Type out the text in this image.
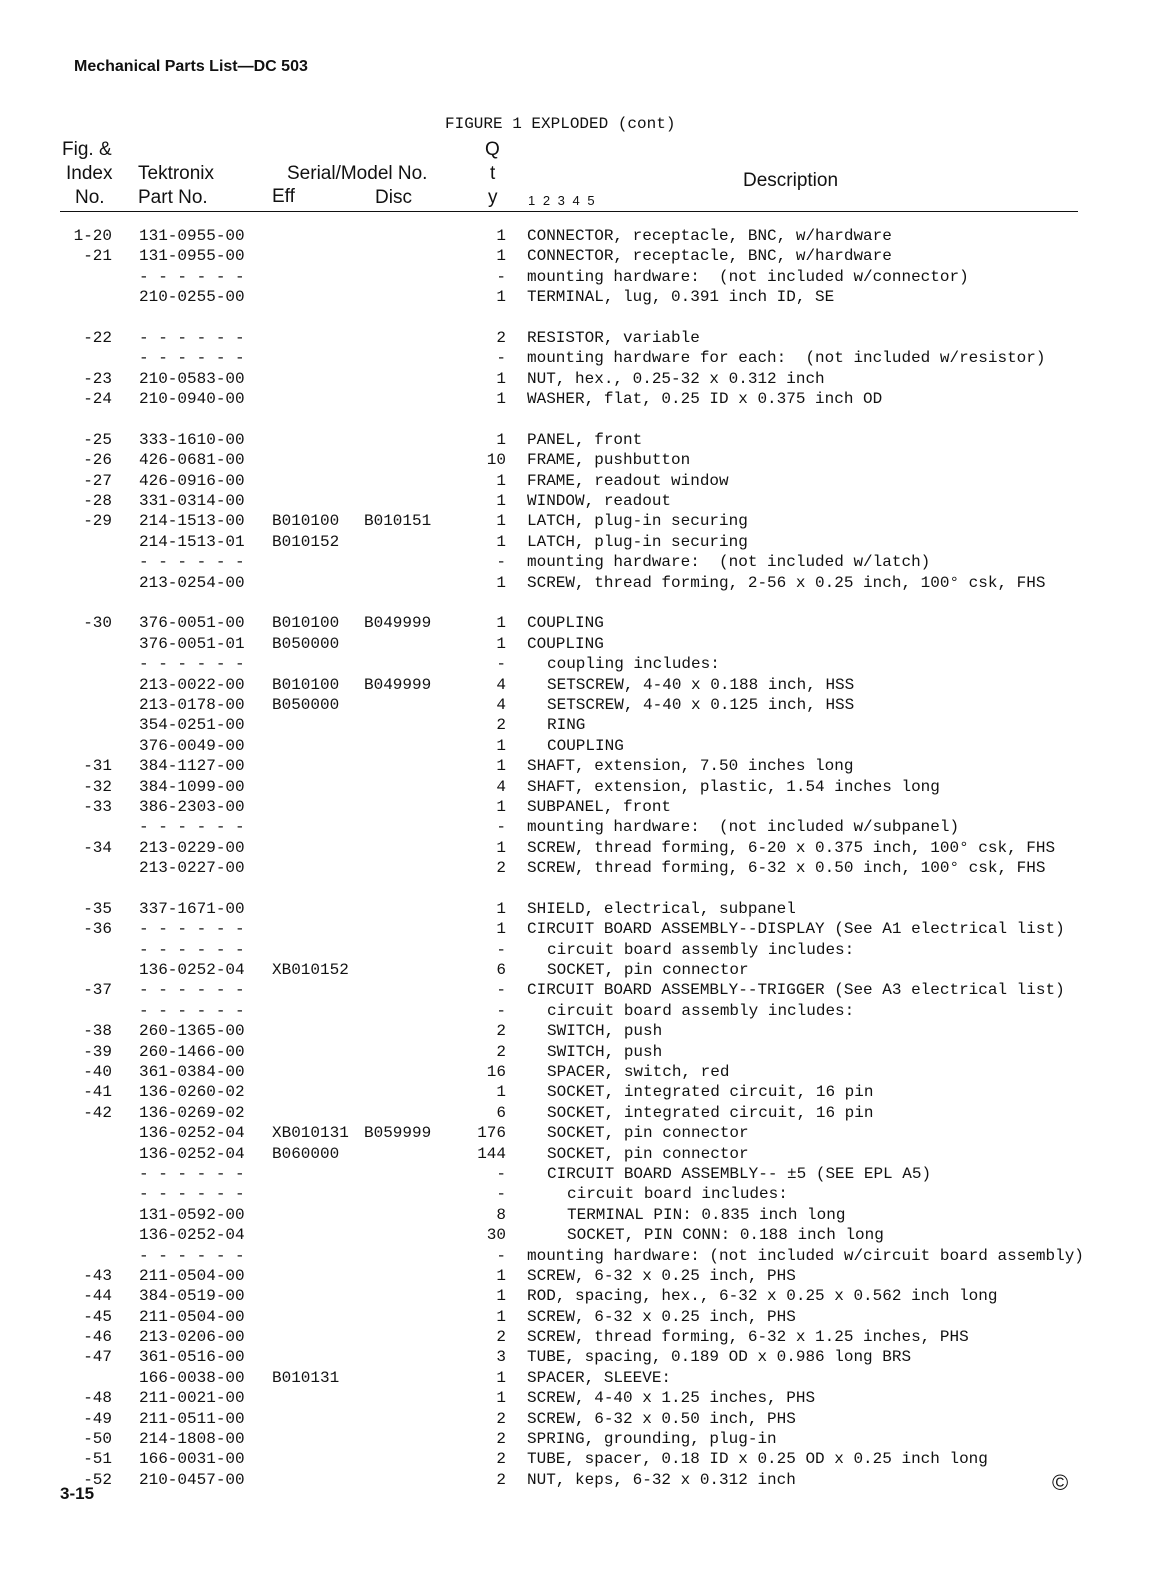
Mechanical Parts List—DC 503
FIGURE 1 EXPLODED (cont)
Fig. &
Index
No.
Tektronix
Part No.
Serial/Model No.
Eff	Disc
Q
t
y 1 2 3 4 5
Description
1-20 131-0955-00	1 CONNECTOR, receptacle, BNC, w/hardware
-21 131-0955-00	1 CONNECTOR, receptacle, BNC, w/hardware
- - - - - -	- mounting hardware:  (not included w/connector)
210-0255-00	1 TERMINAL, lug, 0.391 inch ID, SE
-22 - - - - - -	2 RESISTOR, variable
- - - - - -	- mounting hardware for each:  (not included w/resistor)
-23 210-0583-00	1 NUT, hex., 0.25-32 x 0.312 inch
-24 210-0940-00	1 WASHER, flat, 0.25 ID x 0.375 inch OD
-25 333-1610-00	1 PANEL, front
-26 426-0681-00	10 FRAME, pushbutton
-27 426-0916-00	1 FRAME, readout window
-28 331-0314-00	1 WINDOW, readout
-29 214-1513-00 B010100 B010151	1 LATCH, plug-in securing
214-1513-01 B010152	1 LATCH, plug-in securing
- - - - - -	- mounting hardware:  (not included w/latch)
213-0254-00	1 SCREW, thread forming, 2-56 x 0.25 inch, 100° csk, FHS
-30 376-0051-00 B010100 B049999	1 COUPLING
376-0051-01 B050000	1 COUPLING
- - - - - -	-	coupling includes:
213-0022-00 B010100 B049999	4	SETSCREW, 4-40 x 0.188 inch, HSS
213-0178-00 B050000	4	SETSCREW, 4-40 x 0.125 inch, HSS
354-0251-00	2	RING
376-0049-00	1	COUPLING
-31 384-1127-00	1 SHAFT, extension, 7.50 inches long
-32 384-1099-00	4 SHAFT, extension, plastic, 1.54 inches long
-33 386-2303-00	1 SUBPANEL, front
- - - - - -	- mounting hardware:  (not included w/subpanel)
-34 213-0229-00	1 SCREW, thread forming, 6-20 x 0.375 inch, 100° csk, FHS
213-0227-00	2 SCREW, thread forming, 6-32 x 0.50 inch, 100° csk, FHS
-35 337-1671-00	1 SHIELD, electrical, subpanel
-36 - - - - - -	1 CIRCUIT BOARD ASSEMBLY--DISPLAY (See A1 electrical list)
- - - - - -	-	circuit board assembly includes:
136-0252-04 XB010152	6	SOCKET, pin connector
-37 - - - - - -	- CIRCUIT BOARD ASSEMBLY--TRIGGER (See A3 electrical list)
- - - - - -	-	circuit board assembly includes:
-38 260-1365-00	2	SWITCH, push
-39 260-1466-00	2	SWITCH, push
-40 361-0384-00	16	SPACER, switch, red
-41 136-0260-02	1	SOCKET, integrated circuit, 16 pin
-42 136-0269-02	6	SOCKET, integrated circuit, 16 pin
136-0252-04 XB010131 B059999	176	SOCKET, pin connector
136-0252-04 B060000	144	SOCKET, pin connector
- - - - - -	-	CIRCUIT BOARD ASSEMBLY-- ±5 (SEE EPL A5)
- - - - - -	-	circuit board includes:
131-0592-00	8	TERMINAL PIN: 0.835 inch long
136-0252-04	30	SOCKET, PIN CONN: 0.188 inch long
- - - - - -	- mounting hardware: (not included w/circuit board assembly)
-43 211-0504-00	1 SCREW, 6-32 x 0.25 inch, PHS
-44 384-0519-00	1 ROD, spacing, hex., 6-32 x 0.25 x 0.562 inch long
-45 211-0504-00	1 SCREW, 6-32 x 0.25 inch, PHS
-46 213-0206-00	2 SCREW, thread forming, 6-32 x 1.25 inches, PHS
-47 361-0516-00	3 TUBE, spacing, 0.189 OD x 0.986 long BRS
166-0038-00 B010131	1 SPACER, SLEEVE:
-48 211-0021-00	1 SCREW, 4-40 x 1.25 inches, PHS
-49 211-0511-00	2 SCREW, 6-32 x 0.50 inch, PHS
-50 214-1808-00	2 SPRING, grounding, plug-in
-51 166-0031-00	2 TUBE, spacer, 0.18 ID x 0.25 OD x 0.25 inch long
-52 210-0457-00	2 NUT, keps, 6-32 x 0.312 inch
3-15	©
